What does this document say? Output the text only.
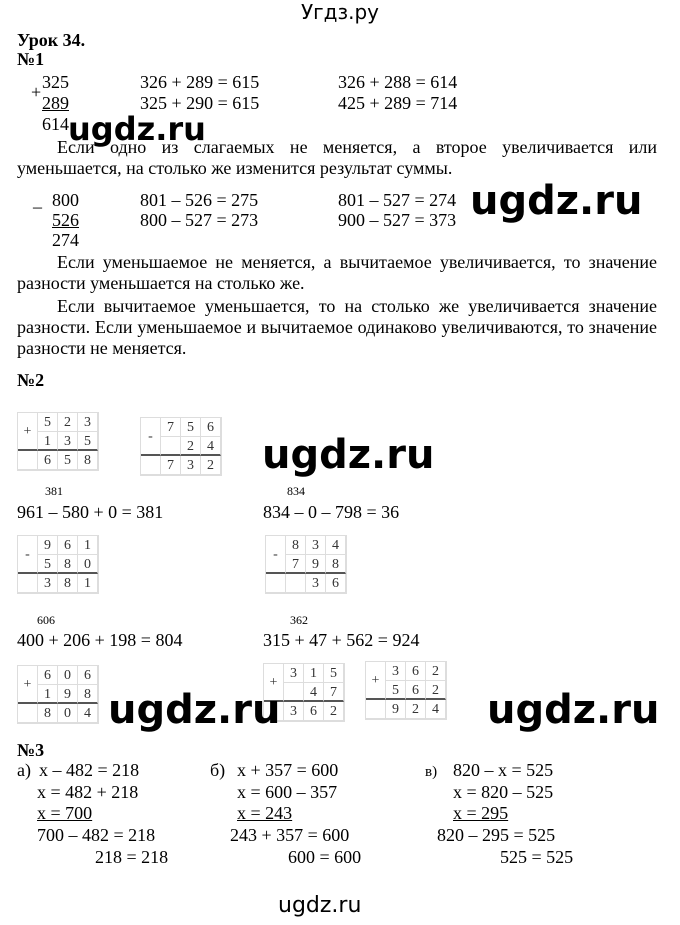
Угдз.ру
Урок 34.
№1
+ 325
289
614
326 + 289 = 615
325 + 290 = 615
326 + 288 = 614
425 + 289 = 714
Если одно из слагаемых не меняется, а второе увеличивается или уменьшается, на столько же изменится результат суммы.
_ 800
526
274
801 – 526 = 275
800 – 527 = 273
801 – 527 = 274
900 – 527 = 373
Если уменьшаемое не меняется, а вычитаемое увеличивается, то значение разности уменьшается на столько же.
Если вычитаемое уменьшается, то на столько же увеличивается значение разности. Если уменьшаемое и вычитаемое одинаково увеличиваются, то значение разности не меняется.
№2
381
961 – 580 + 0 = 381
834
834 – 0 – 798 = 36
606
400 + 206 + 198 = 804
362
315 + 47 + 562 = 924
+
5 2 3
1 3 5
6 5 8
-
7 5 6
2 4
7 3 2
-
9 6 1
5 8 0
3 8 1
-
8 3 4
7 9 8
3 6
+
6 0 6
1 9 8
8 0 4
+
3 1 5
4 7
3 6 2
+
3 6 2
5 6 2
9 2 4
№3
а) x – 482 = 218
x = 482 + 218
x = 700
700 – 482 = 218
218 = 218
б) x + 357 = 600
x = 600 – 357
x = 243
243 + 357 = 600
600 = 600
в) 820 – x = 525
x = 820 – 525
x = 295
820 – 295 = 525
525 = 525
ugdz.ru
ugdz.ru
ugdz.ru
ugdz.ru	ugdz.ru
ugdz.ru
